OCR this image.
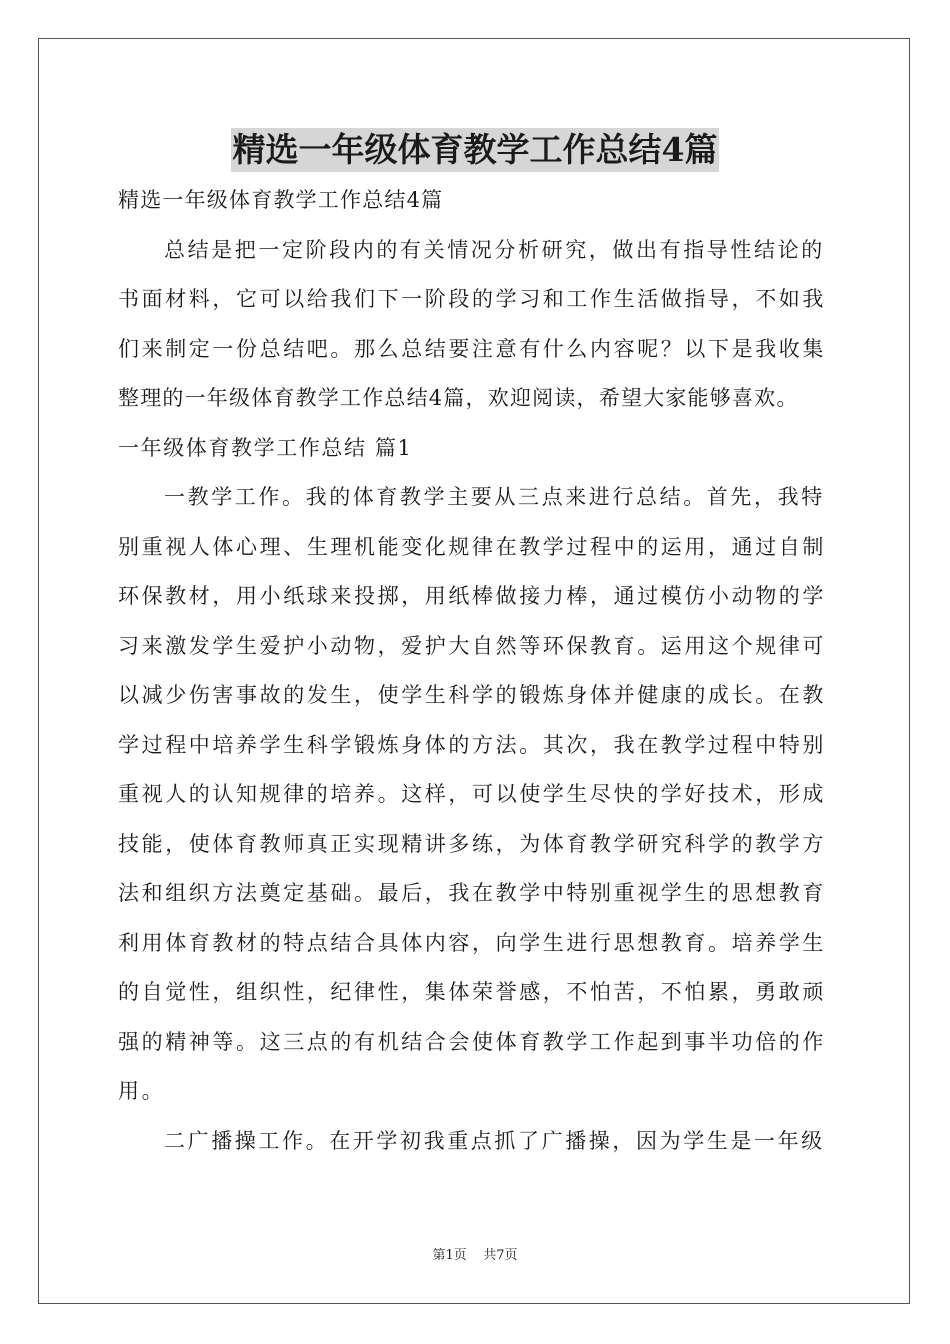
精选一年级体育教学工作总结4篇
精选一年级体育教学工作总结4篇
总结是把一定阶段内的有关情况分析研究，做出有指导性结论的
书面材料，它可以给我们下一阶段的学习和工作生活做指导，不如我
们来制定一份总结吧。那么总结要注意有什么内容呢？以下是我收集
整理的一年级体育教学工作总结4篇，欢迎阅读，希望大家能够喜欢。
一年级体育教学工作总结 篇1
一教学工作。我的体育教学主要从三点来进行总结。首先，我特
别重视人体心理、生理机能变化规律在教学过程中的运用，通过自制
环保教材，用小纸球来投掷，用纸棒做接力棒，通过模仿小动物的学
习来激发学生爱护小动物，爱护大自然等环保教育。运用这个规律可
以减少伤害事故的发生，使学生科学的锻炼身体并健康的成长。在教
学过程中培养学生科学锻炼身体的方法。其次，我在教学过程中特别
重视人的认知规律的培养。这样，可以使学生尽快的学好技术，形成
技能，使体育教师真正实现精讲多练，为体育教学研究科学的教学方
法和组织方法奠定基础。最后，我在教学中特别重视学生的思想教育
利用体育教材的特点结合具体内容，向学生进行思想教育。培养学生
的自觉性，组织性，纪律性，集体荣誉感，不怕苦，不怕累，勇敢顽
强的精神等。这三点的有机结合会使体育教学工作起到事半功倍的作
用。
二广播操工作。在开学初我重点抓了广播操，因为学生是一年级
第1页 共7页
